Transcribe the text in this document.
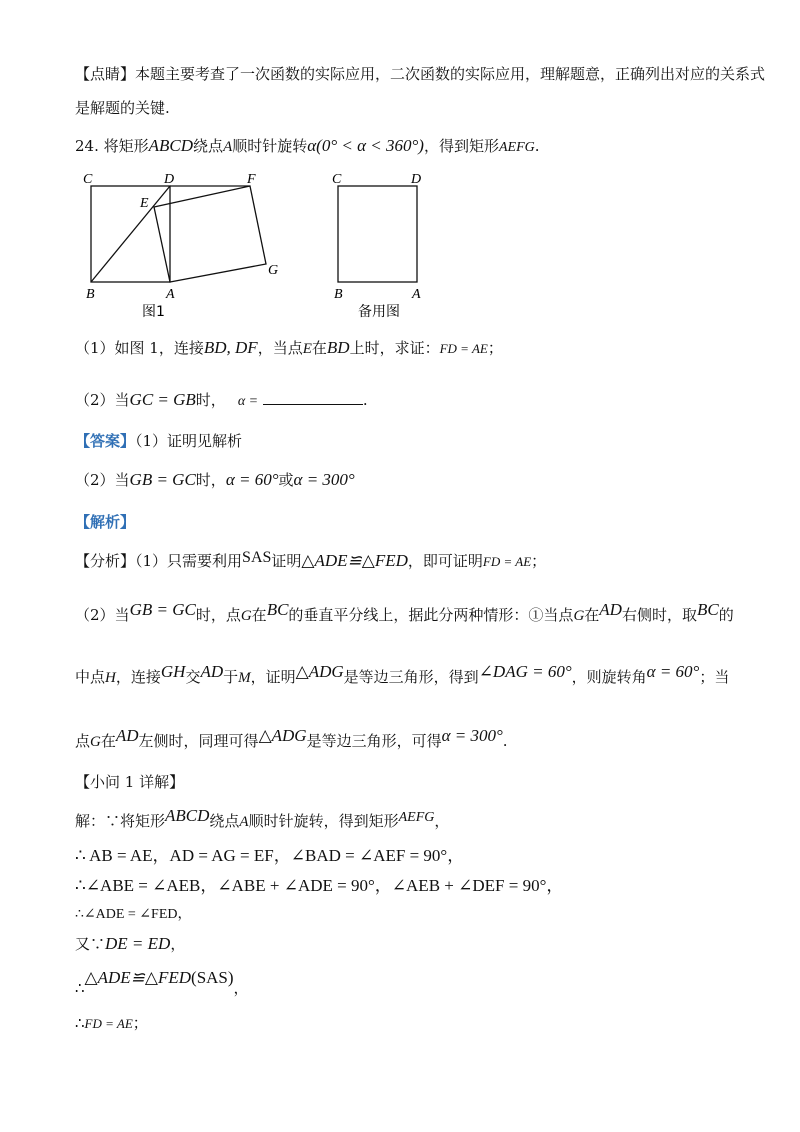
【点睛】本题主要考查了一次函数的实际应用，二次函数的实际应用，理解题意，正确列出对应的关系式
是解题的关键.
24. 将矩形ABCD绕点A顺时针旋转α(0° < α < 360°)，得到矩形AEFG.
C	D	F
E
G
B	A
图1
C	D
B	A
备用图
（1）如图 1，连接BD, DF，当点E在BD上时，求证：FD = AE；
（2）当GC = GB时， α =	.
【答案】（1）证明见解析
（2）当GB = GC时，α = 60°或α = 300°
【解析】
【分析】（1）只需要利用SAS证明△ADE≌△FED，即可证明FD = AE；
（2）当GB = GC时，点G在BC的垂直平分线上，据此分两种情形：①当点G在AD右侧时，取BC的
中点H，连接GH交AD于M，证明△ADG是等边三角形，得到∠DAG = 60°，则旋转角α = 60°；当
点G在AD左侧时，同理可得△ADG是等边三角形，可得α = 300°.
【小问 1 详解】
解：∵将矩形ABCD绕点A顺时针旋转，得到矩形AEFG，
∴ AB = AE，AD = AG = EF，∠BAD = ∠AEF = 90°，
∴∠ABE = ∠AEB，∠ABE + ∠ADE = 90°，∠AEB + ∠DEF = 90°，
∴∠ADE = ∠FED，
又∵DE = ED，
∴△ADE≌△FED(SAS)，
∴FD = AE；
